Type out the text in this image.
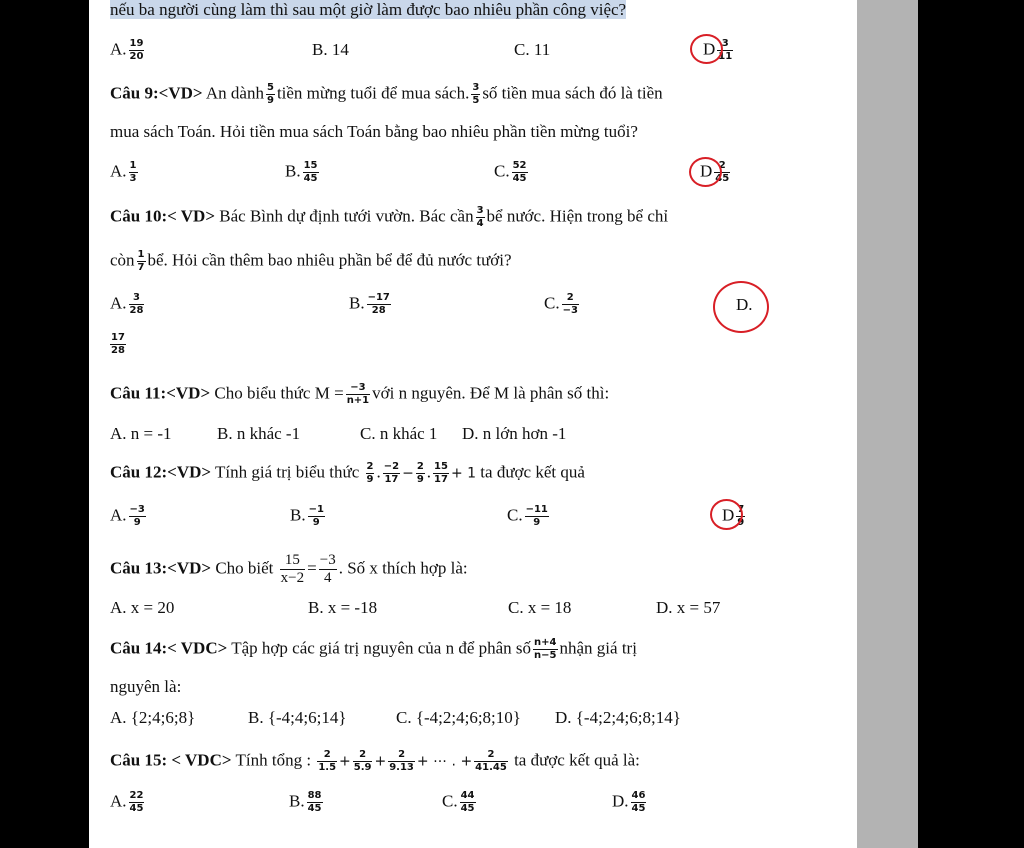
nếu ba người cùng làm thì sau một giờ làm được bao nhiêu phần công việc?
A. $\frac{19}{20}$	B. 14	C. 11	D $\frac{3}{11}$
Câu 9:<VD> An dành $\frac{5}{9}$ tiền mừng tuổi để mua sách. $\frac{3}{5}$ số tiền mua sách đó là tiền
mua sách Toán. Hỏi tiền mua sách Toán bằng bao nhiêu phần tiền mừng tuổi?
A. $\frac{1}{3}$	B. $\frac{15}{45}$	C. $\frac{52}{45}$	D $\frac{2}{45}$
Câu 10:< VD> Bác Bình dự định tưới vườn. Bác cần $\frac{3}{4}$ bể nước. Hiện trong bể chỉ
còn $\frac{1}{7}$ bể. Hỏi cần thêm bao nhiêu phần bể để đủ nước tưới?
A. $\frac{3}{28}$	B. $\frac{-17}{28}$	C. $\frac{2}{-3}$	D.
$\frac{17}{28}$
Câu 11:<VD> Cho biểu thức $M = \frac{-3}{n+1}$ với n nguyên. Để M là phân số thì:
A. n = -1	B. n khác -1	C. n khác 1 D. n lớn hơn -1
Câu 12:<VD> Tính giá trị biểu thức $\frac{2}{9}$ . $\frac{-2}{17} - \frac{2}{9}$ . $\frac{15}{17} + 1$ ta được kết quả
A. $\frac{-3}{9}$	B. $\frac{-1}{9}$	C. $\frac{-11}{9}$	D $\frac{7}{9}$
Câu 13:<VD> Cho biết $\frac{15}{x-2} = \frac{-3}{4}$ . Số x thích hợp là:
A. x = 20	B. x = -18	C. x = 18	D. x = 57
Câu 14:< VDC> Tập hợp các giá trị nguyên của n để phân số $\frac{n+4}{n-5}$ nhận giá trị
nguyên là:
A. {2;4;6;8}	B. {-4;4;6;14}	C. {-4;2;4;6;8;10} D. {-4;2;4;6;8;14}
Câu 15: < VDC> Tính tổng : $\frac{2}{1.5} + \frac{2}{5.9} + \frac{2}{9.13}$ + ⋯ . + $\frac{2}{41.45}$ ta được kết quả là:
A. $\frac{22}{45}$	B. $\frac{88}{45}$	C. $\frac{44}{45}$	D. $\frac{46}{45}$
